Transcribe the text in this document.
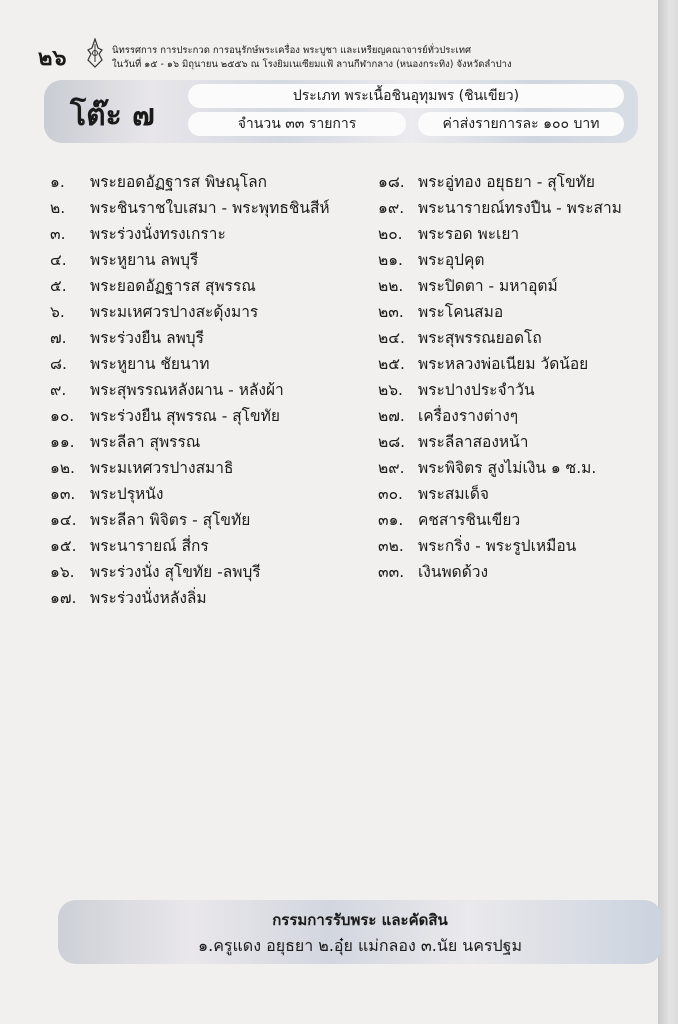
๒๖	นิทรรศการ การประกวด การอนุรักษ์พระเครื่อง พระบูชา และเหรียญคณาจารย์ทั่วประเทศ
ในวันที่ ๑๕ - ๑๖ มิถุนายน ๒๕๕๖ ณ โรงยิมเนเซียมแฟ้ ลานกีฬากลาง (หนองกระทิง) จังหวัดลำปาง
โต๊ะ ๗
ประเภท พระเนื้อชินอุทุมพร (ชินเขียว)
จำนวน ๓๓ รายการ	ค่าส่งรายการละ ๑๐๐ บาท
๑. พระยอดอัฏฐารส พิษณุโลก
๒. พระชินราชใบเสมา - พระพุทธชินสีห์
๓. พระร่วงนั่งทรงเกราะ
๔. พระหูยาน ลพบุรี
๕. พระยอดอัฏฐารส สุพรรณ
๖. พระมเหศวรปางสะดุ้งมาร
๗. พระร่วงยืน ลพบุรี
๘. พระหูยาน ชัยนาท
๙. พระสุพรรณหลังผาน - หลังผ้า
๑๐. พระร่วงยืน สุพรรณ - สุโขทัย
๑๑. พระลีลา สุพรรณ
๑๒. พระมเหศวรปางสมาธิ
๑๓. พระปรุหนัง
๑๔. พระลีลา พิจิตร - สุโขทัย
๑๕. พระนารายณ์ สี่กร
๑๖. พระร่วงนั่ง สุโขทัย -ลพบุรี
๑๗. พระร่วงนั่งหลังลิ่ม
๑๘. พระอู่ทอง อยุธยา - สุโขทัย
๑๙. พระนารายณ์ทรงปืน - พระสาม
๒๐. พระรอด พะเยา
๒๑. พระอุปคุต
๒๒. พระปิดตา - มหาอุตม์
๒๓. พระโคนสมอ
๒๔. พระสุพรรณยอดโถ
๒๕. พระหลวงพ่อเนียม วัดน้อย
๒๖. พระปางประจำวัน
๒๗. เครื่องรางต่างๆ
๒๘. พระลีลาสองหน้า
๒๙. พระพิจิตร สูงไม่เงิน ๑ ซ.ม.
๓๐. พระสมเด็จ
๓๑. คชสารชินเขียว
๓๒. พระกริ่ง - พระรูปเหมือน
๓๓. เงินพดด้วง
กรรมการรับพระ และคัดสิน
๑.ครูแดง อยุธยา ๒.อุ๋ย แม่กลอง ๓.นัย นครปฐม
